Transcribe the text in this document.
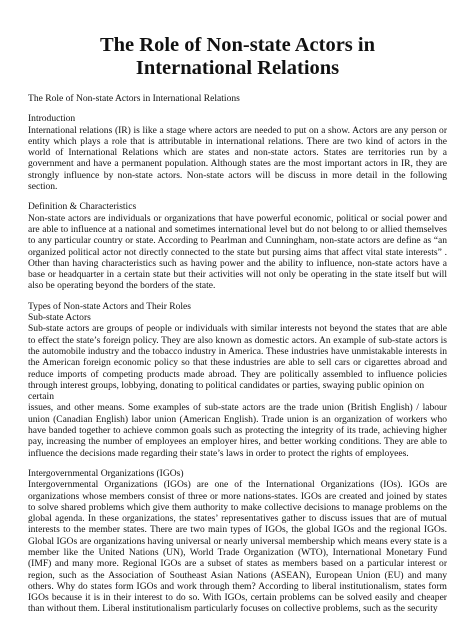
The Role of Non-state Actors in International Relations

The Role of Non-state Actors in International Relations

Introduction

International relations (IR) is like a stage where actors are needed to put on a show. Actors are any person or entity which plays a role that is attributable in international relations. There are two kind of actors in the world of International Relations which are states and non-state actors. States are territories run by a government and have a permanent population. Although states are the most important actors in IR, they are strongly influence by non-state actors. Non-state actors will be discuss in more detail in the following section.

Definition & Characteristics

Non-state actors are individuals or organizations that have powerful economic, political or social power and are able to influence at a national and sometimes international level but do not belong to or allied themselves to any particular country or state. According to Pearlman and Cunningham, non-state actors are define as “an organized political actor not directly connected to the state but pursing aims that affect vital state interests” . Other than having characteristics such as having power and the ability to influence, non-state actors have a base or headquarter in a certain state but their activities will not only be operating in the state itself but will also be operating beyond the borders of the state.

Types of Non-state Actors and Their Roles

Sub-state Actors

Sub-state actors are groups of people or individuals with similar interests not beyond the states that are able to effect the state’s foreign policy. They are also known as domestic actors. An example of sub-state actors is the automobile industry and the tobacco industry in America. These industries have unmistakable interests in the American foreign economic policy so that these industries are able to sell cars or cigarettes abroad and reduce imports of competing products made abroad. They are politically assembled to influence policies through interest groups, lobbying, donating to political candidates or parties, swaying public opinion on

certain

issues, and other means. Some examples of sub-state actors are the trade union (British English) / labour union (Canadian English) labor union (American English). Trade union is an organization of workers who have banded together to achieve common goals such as protecting the integrity of its trade, achieving higher pay, increasing the number of employees an employer hires, and better working conditions. They are able to influence the decisions made regarding their state’s laws in order to protect the rights of employees.

Intergovernmental Organizations (IGOs)

Intergovernmental Organizations (IGOs) are one of the International Organizations (IOs). IGOs are organizations whose members consist of three or more nations-states. IGOs are created and joined by states to solve shared problems which give them authority to make collective decisions to manage problems on the global agenda. In these organizations, the states’ representatives gather to discuss issues that are of mutual interests to the member states. There are two main types of IGOs, the global IGOs and the regional IGOs. Global IGOs are organizations having universal or nearly universal membership which means every state is a member like the United Nations (UN), World Trade Organization (WTO), International Monetary Fund (IMF) and many more. Regional IGOs are a subset of states as members based on a particular interest or region, such as the Association of Southeast Asian Nations (ASEAN), European Union (EU) and many others. Why do states form IGOs and work through them? According to liberal institutionalism, states form IGOs because it is in their interest to do so. With IGOs, certain problems can be solved easily and cheaper than without them. Liberal institutionalism particularly focuses on collective problems, such as the security
